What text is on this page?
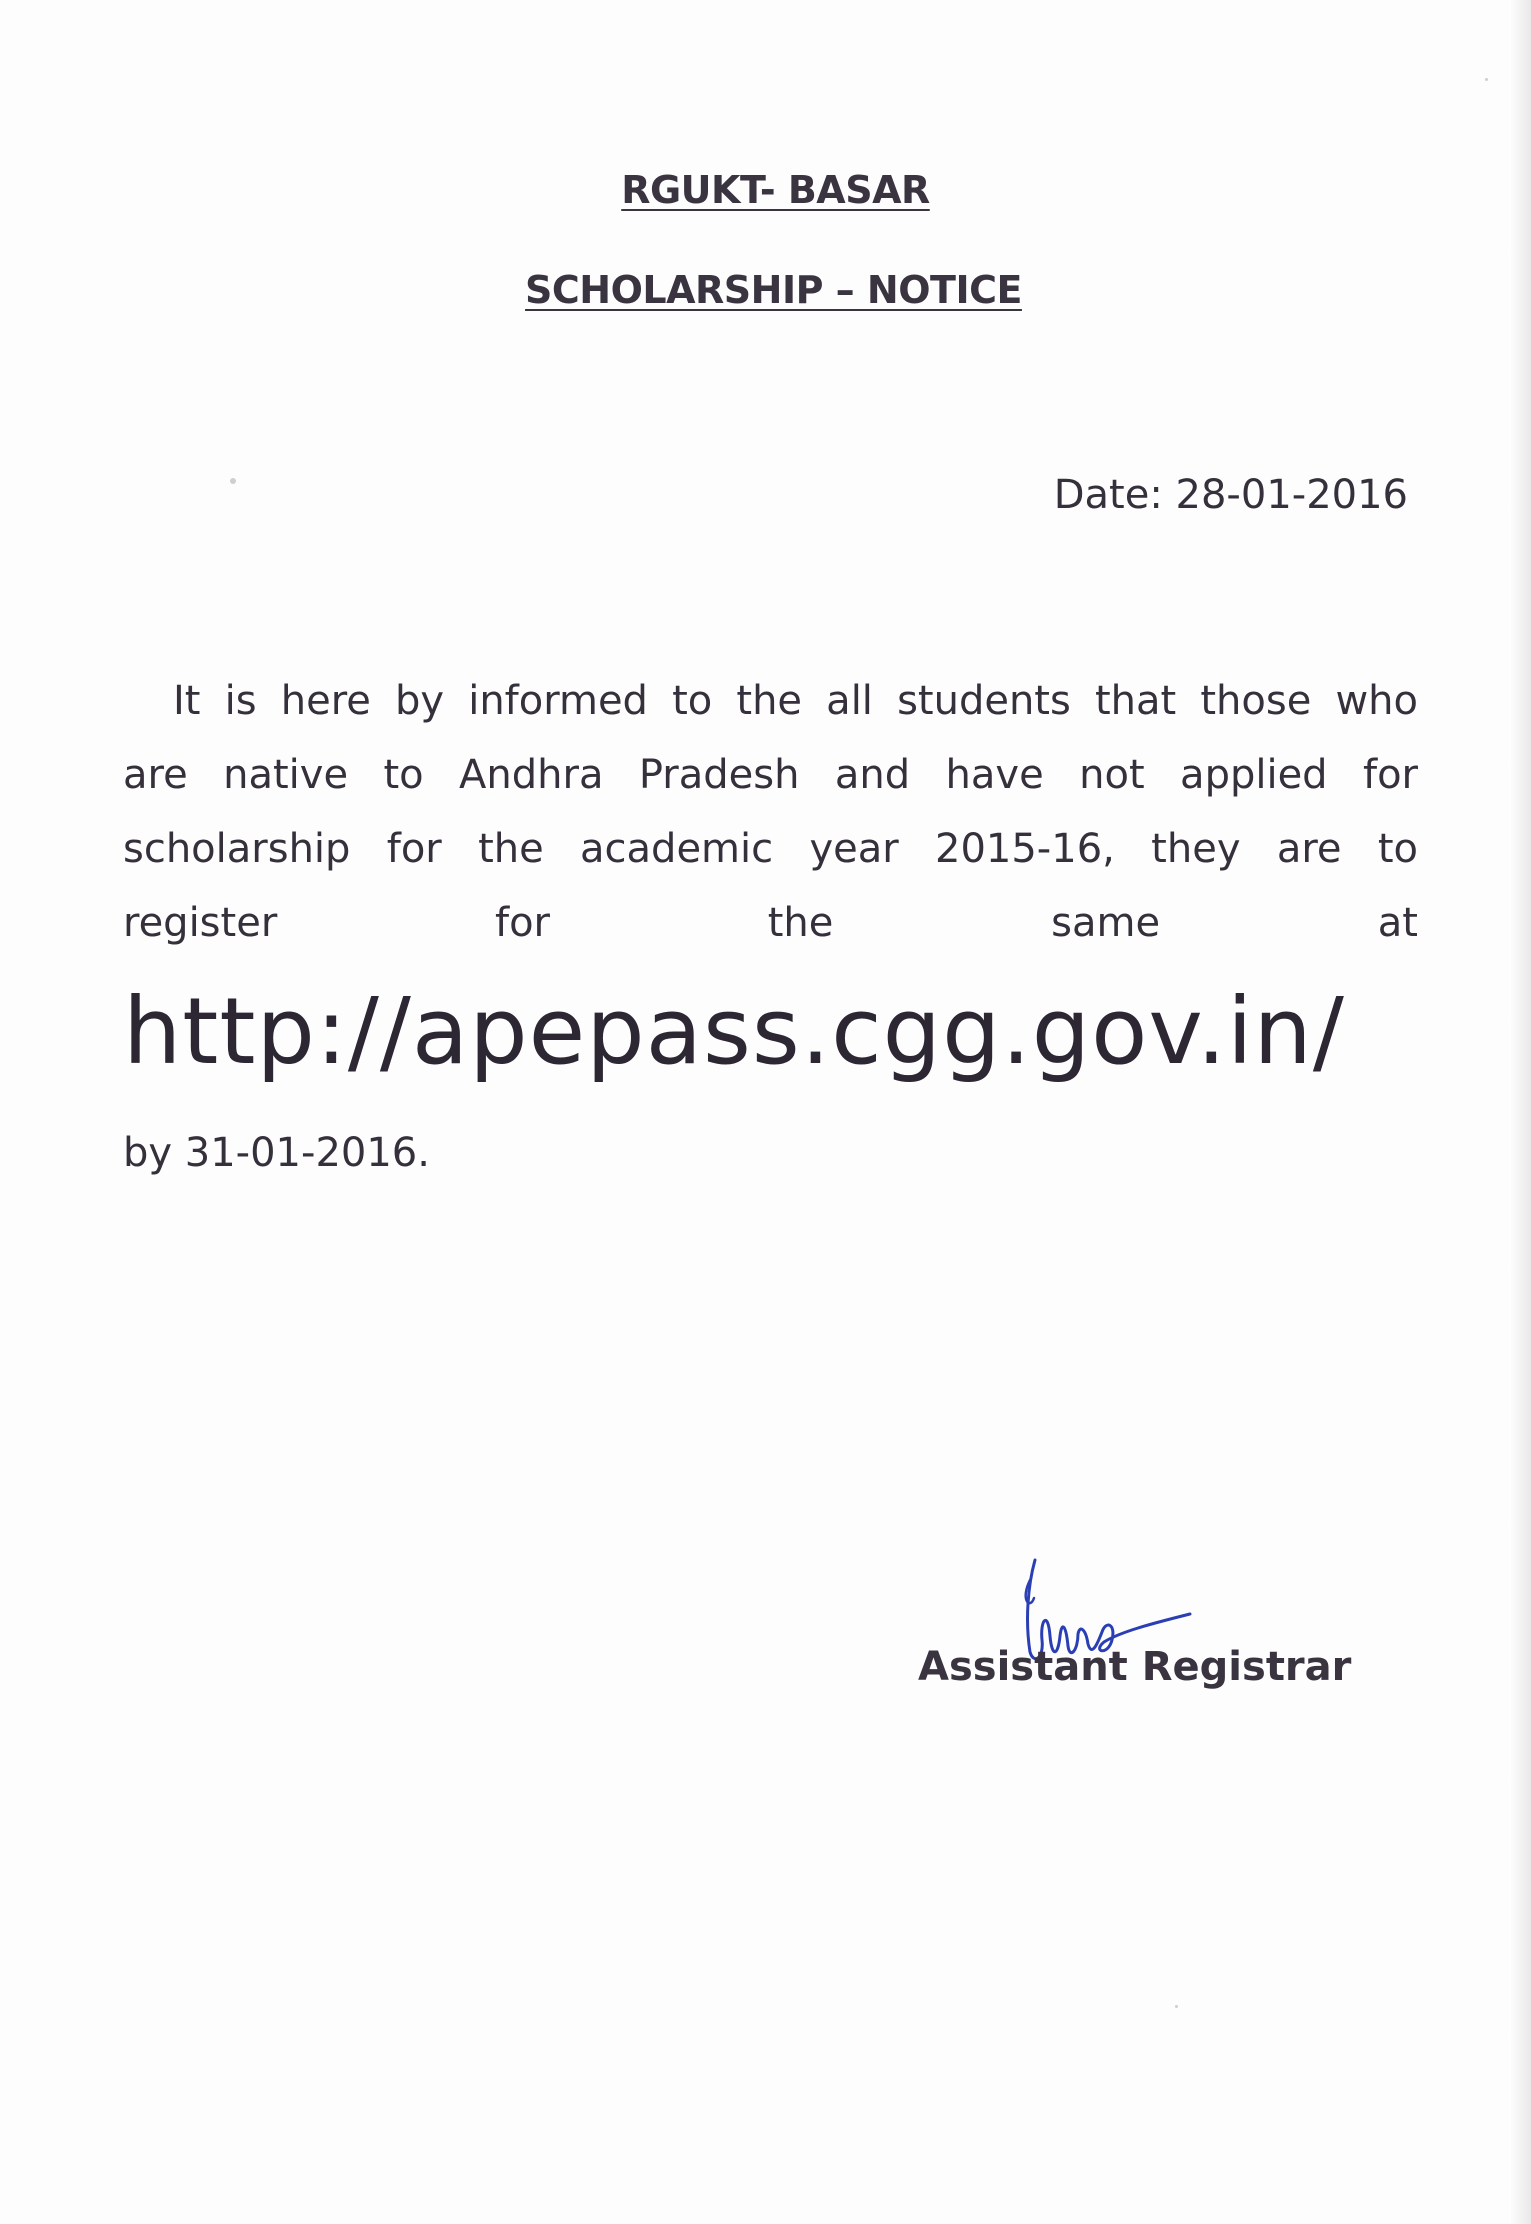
RGUKT- BASAR
SCHOLARSHIP – NOTICE
Date: 28-01-2016
It is here by informed to the all students that those who
are native to Andhra Pradesh and have not applied for
scholarship for the academic year 2015-16, they are to
register for the same at
http://apepass.cgg.gov.in/
by 31-01-2016.
Assistant Registrar
